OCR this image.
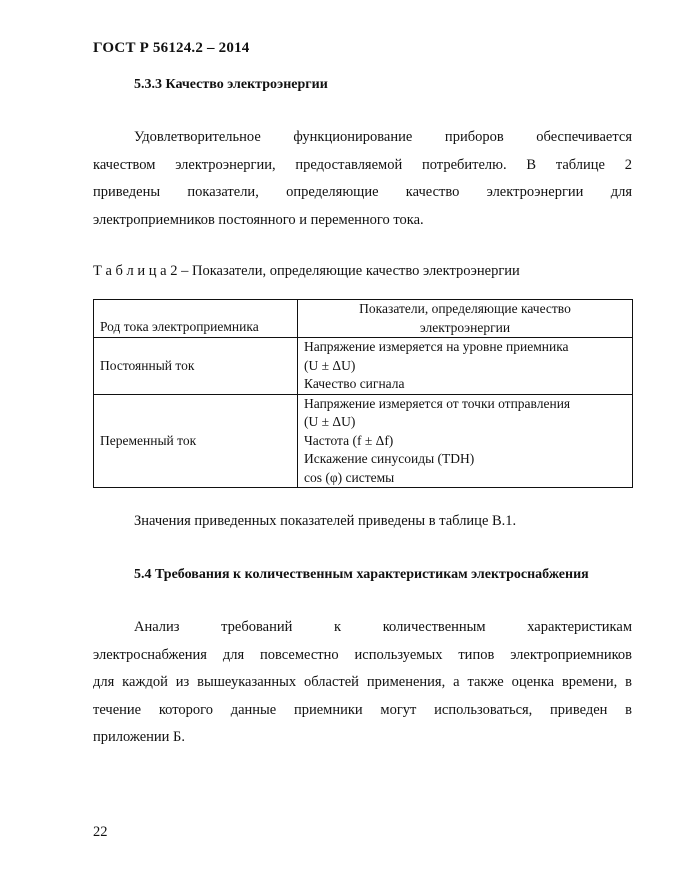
ГОСТ Р 56124.2 – 2014
5.3.3 Качество электроэнергии
Удовлетворительное функционирование приборов обеспечивается
качеством электроэнергии, предоставляемой потребителю. В таблице 2
приведены показатели, определяющие качество электроэнергии для
электроприемников постоянного и переменного тока.
Т а б л и ц а 2 – Показатели, определяющие качество электроэнергии
Род тока электроприемника	Показатели, определяющие качество
электроэнергии

Постоянный ток	Напряжение измеряется на уровне приемника
(U ± ΔU)
Качество сигнала

Переменный ток	Напряжение измеряется от точки отправления
(U ± ΔU)
Частота (f ± Δf)
Искажение синусоиды (TDH)
cos (φ) системы
Значения приведенных показателей приведены в таблице В.1.
5.4 Требования к количественным характеристикам электроснабжения
Анализ требований к количественным характеристикам
электроснабжения для повсеместно используемых типов электроприемников
для каждой из вышеуказанных областей применения, а также оценка времени, в
течение которого данные приемники могут использоваться, приведен в
приложении Б.
22
